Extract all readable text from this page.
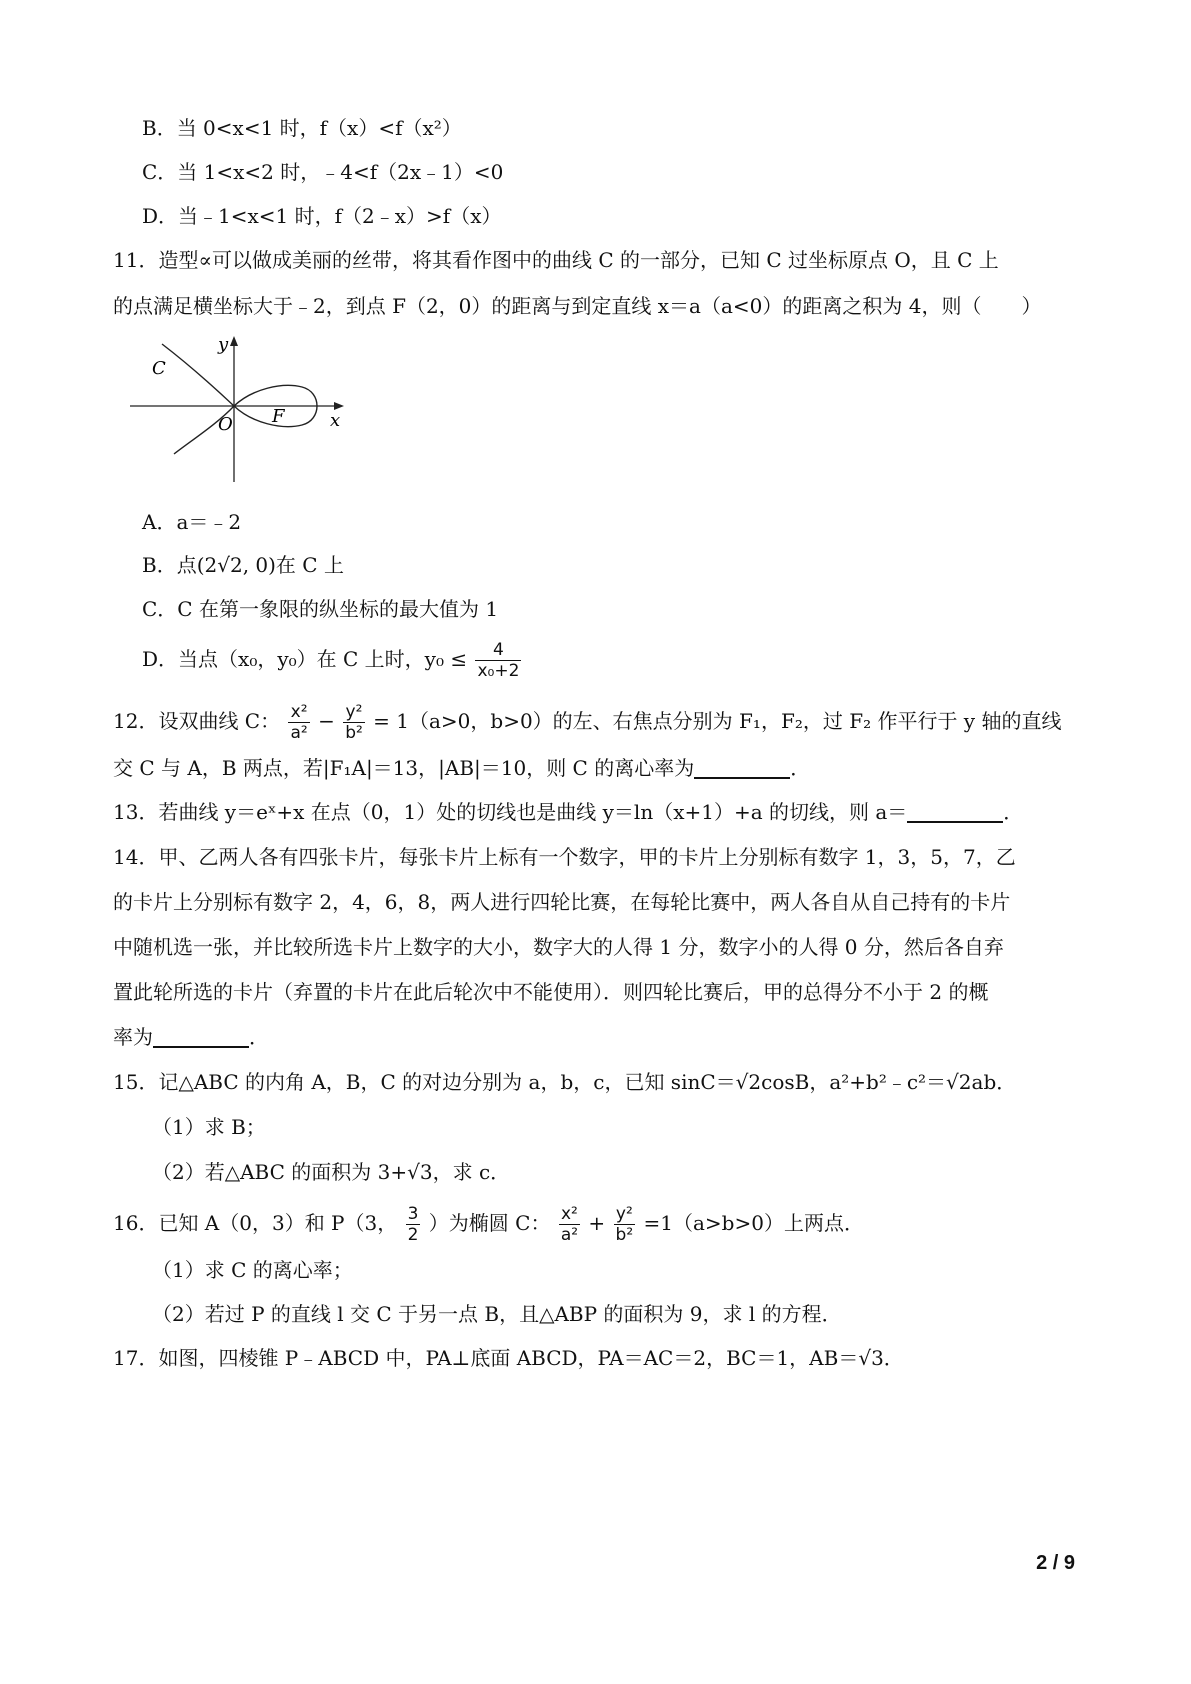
B．当 0<x<1 时，f（x）<f（x²）
C．当 1<x<2 时，﹣4<f（2x﹣1）<0
D．当﹣1<x<1 时，f（2﹣x）>f（x）
11．造型∝可以做成美丽的丝带，将其看作图中的曲线 C 的一部分，已知 C 过坐标原点 O，且 C 上
的点满足横坐标大于﹣2，到点 F（2，0）的距离与到定直线 x＝a（a<0）的距离之积为 4，则（　　）
y
C
F	x
O
A．a＝﹣2
B．点(2√2, 0)在 C 上
C．C 在第一象限的纵坐标的最大值为 1
D．当点（x₀，y₀）在 C 上时，$y_0 \le \frac{4}{\text{x₀+2}}$
12．设双曲线 C： $\frac{\text{x²}}{\text{a²}} - \frac{\text{y²}}{\text{b²}} = 1(a>0$，b>0）的左、右焦点分别为 F₁，F₂，过 F₂ 作平行于 y 轴的直线
交 C 与 A，B 两点，若|F₁A|＝13，|AB|＝10，则 C 的离心率为	．
13．若曲线 y＝eˣ+x 在点（0，1）处的切线也是曲线 y＝ln（x+1）+a 的切线，则 a＝	．
14．甲、乙两人各有四张卡片，每张卡片上标有一个数字，甲的卡片上分别标有数字 1，3，5，7，乙
的卡片上分别标有数字 2，4，6，8，两人进行四轮比赛，在每轮比赛中，两人各自从自己持有的卡片
中随机选一张，并比较所选卡片上数字的大小，数字大的人得 1 分，数字小的人得 0 分，然后各自弃
置此轮所选的卡片（弃置的卡片在此后轮次中不能使用）．则四轮比赛后，甲的总得分不小于 2 的概
率为	．
15．记△ABC 的内角 A，B，C 的对边分别为 a，b，c，已知 sinC＝√2cosB，a²+b²﹣c²＝√2ab．
（1）求 B；
（2）若△ABC 的面积为 3+√3，求 c．
16．已知 A（0，3）和 P（3， $\frac{3}{2}$ ）为椭圆 C： $\frac{\text{x²}}{\text{a²}} + \frac{\text{y²}}{\text{b²}} =1(a>b>0)$上两点．
（1）求 C 的离心率；
（2）若过 P 的直线 l 交 C 于另一点 B，且△ABP 的面积为 9，求 l 的方程．
17．如图，四棱锥 P﹣ABCD 中，PA⊥底面 ABCD，PA＝AC＝2，BC＝1，AB＝√3．
2 / 9
